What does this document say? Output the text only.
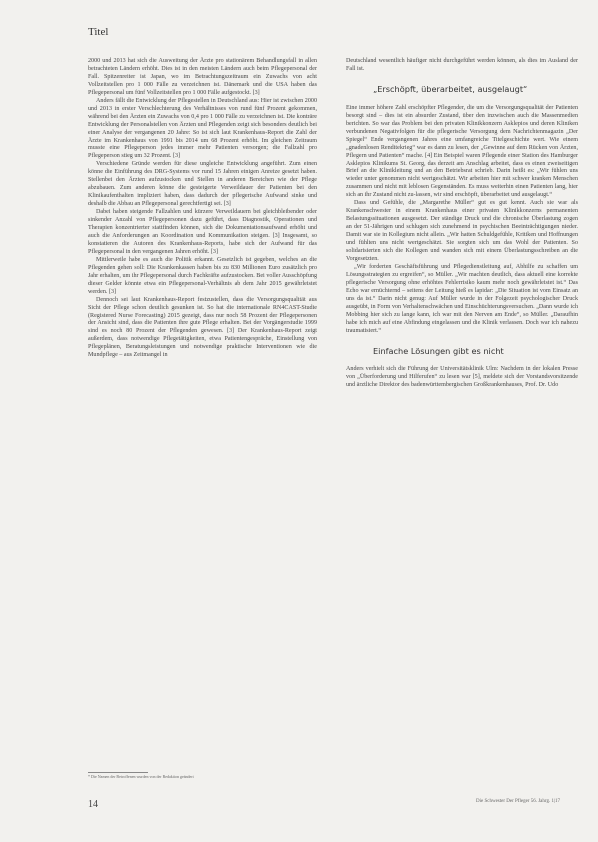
Titel

2000 und 2013 hat sich die Ausweitung der Ärzte pro stationärem Behandlungsfall in allen betrachteten Ländern erhöht. Dies ist in den meisten Ländern auch beim Pflegepersonal der Fall. Spitzenreiter ist Japan, wo im Betrachtungszeitraum ein Zuwachs von acht Vollzeitstellen pro 1 000 Fälle zu verzeichnen ist. Dänemark und die USA haben das Pflegepersonal um fünf Vollzeitstellen pro 1 000 Fälle aufgestockt. [3]

Anders fällt die Entwicklung der Pflegestellen in Deutschland aus: Hier ist zwischen 2000 und 2013 in erster Verschlechterung des Verhältnisses von rund fünf Prozent gekommen, während bei den Ärzten ein Zuwachs von 0,4 pro 1 000 Fälle zu verzeichnen ist. Die konträre Entwicklung der Personalstellen von Ärzten und Pflegenden zeigt sich besonders deutlich bei einer Analyse der vergangenen 20 Jahre: So ist sich laut Krankenhaus-Report die Zahl der Ärzte im Krankenhaus von 1991 bis 2014 um 68 Prozent erhöht. Im gleichen Zeitraum musste eine Pflegeperson jedes immer mehr Patienten versorgen; die Fallzahl pro Pflegeperson stieg um 32 Prozent. [3]

Verschiedene Gründe werden für diese ungleiche Entwicklung angeführt. Zum einen könne die Einführung des DRG-Systems vor rund 15 Jahren einigen Anreize gesetzt haben. Stellenbei den Ärzten aufzustocken und Stellen in anderen Bereichen wie der Pflege abzubauen. Zum anderen könne die gesteigerte Verweildauer der Patienten bei den Klinikaufenthalten impliziert haben, dass dadurch der pflegerische Aufwand sinke und deshalb die Abbau an Pflegepersonal gerechtfertigt sei. [3]

Dabei haben steigende Fallzahlen und kürzere Verweildauern bei gleichbleibender oder sinkender Anzahl von Pflegepersonen dazu geführt, dass Diagnostik, Operationen und Therapien konzentrierter stattfinden können, sich die Dokumentationsaufwand erhöht und auch die Anforderungen an Koordination und Kommunikation steigen. [3] Insgesamt, so konstatieren die Autoren des Krankenhaus-Reports, habe sich der Aufwand für das Pflegepersonal in den vergangenen Jahren erhöht. [3]

Mittlerweile habe es auch die Politik erkannt. Gesetzlich ist gegeben, welches an die Pflegenden gehen soll: Die Krankenkassen haben bis zu 830 Millionen Euro zusätzlich pro Jahr erhalten, um ihr Pflegepersonal durch Fachkräfte aufzustocken. Bei voller Ausschöpfung dieser Gelder könnte etwa ein Pflegepersonal-Verhältnis ab dem Jahr 2015 gewährleistet werden. [3]

Dennoch sei laut Krankenhaus-Report festzustellen, dass die Versorgungsqualität aus Sicht der Pflege schon deutlich gesunken ist. So hat die internationale RN4CAST-Studie (Registered Nurse Forecasting) 2015 gezeigt, dass nur noch 58 Prozent der Pflegepersonen der Ansicht sind, dass die Patienten ihre gute Pflege erhalten. Bei der Vorgängerstudie 1999 sind es noch 80 Prozent der Pflegenden gewesen. [3] Der Krankenhaus-Report zeigt außerdem, dass notwendige Pflegetätigkeiten, etwa Patientengespräche, Einstellung von Pflegeplänen, Beratungsleistungen und notwendige praktische Interventionen wie die Mundpflege – aus Zeitmangel in

Deutschland wesentlich häufiger nicht durchgeführt werden können, als dies im Ausland der Fall ist.

„Erschöpft, überarbeitet, ausgelaugt“

Eine immer höhere Zahl erschöpfter Pflegender, die um die Versorgungsqualität der Patienten besorgt sind – dies ist ein absurder Zustand, über den inzwischen auch die Massenmedien berichten. So war das Problem bei den privaten Klinikkonzern Asklepios und deren Kliniken verbundenen Negativfolgen für die pflegerische Versorgung dem Nachrichtenmagazin „Der Spiegel“ Ende vergangenen Jahres eine umfangreiche Titelgeschichte wert. Wie einem „gnadenlosen Renditekrieg“ war es dann zu lesen, der „Gewinne auf dem Rücken von Ärzten, Pflegern und Patienten“ mache. [4] Ein Beispiel waren Pflegende einer Station des Hamburger Asklepios Klinikums St. Georg, das derzeit am Anschlag arbeitet, dass es einen zweiseitigen Brief an die Klinikleitung und an den Betriebsrat schrieb. Darin heißt es: „Wir fühlen uns wieder unter genommen nicht wertgeschätzt. Wir arbeiten hier mit schwer kranken Menschen zusammen und nicht mit leblosen Gegenständen. Es muss weiterhin einen Patienten lang, hier sich an ihr Zustand nicht zu-lassen, wir sind erschöpft, überarbeitet und ausgelaugt.“

Dass und Gefühle, die „Margarethe Müller“ gut es gut kennt. Auch sie war als Krankenschwester in einem Krankenhaus einer privaten Klinikkonzerns permanenten Belastungssituationen ausgesetzt. Der ständige Druck und die chronische Überlastung zogen an der 51-Jährigen und schlugen sich zunehmend in psychischen Beeinträchtigungen nieder. Damit war sie in Kollegium nicht allein. „Wir hatten Schuldgefühle, Kritiken und Hoffnungen und fühlten uns nicht wertgeschätzt. Sie sorgten sich um das Wohl der Patienten. So solidarisierten sich die Kollegen und wanden sich mit einem Überlastungsschreiben an die Vorgesetzten.

„Wir forderten Geschäftsführung und Pflegedienstleitung auf, Abhilfe zu schaffen um Lösungsstrategien zu ergreifen“, so Müller. „Wir machten deutlich, dass aktuell eine korrekte pflegerische Versorgung ohne erhöhtes Fehlerrisiko kaum mehr noch gewährleistet ist.“ Das Echo war ernüchternd – seitens der Leitung hieß es lapidar: „Die Situation ist vom Einsatz an uns da ist.“ Darin nicht genug: Auf Müller wurde in der Folgezeit psychologischer Druck ausgeübt, in Form von Verhaltenschwächen und Einschüchterungsversuchen. „Dann wurde ich Mobbing hier sich zu lange kann, ich war mit den Nerven am Ende“, so Müller. „Daraufhin habe ich mich auf eine Abfindung eingelassen und die Klinik verlassen. Doch war ich nahezu traumatisiert.“

Einfache Lösungen gibt es nicht

Anders verhielt sich die Führung der Universitätsklinik Ulm: Nachdem in der lokalen Presse von „Überforderung und Hilferufen“ zu lesen war [5], meldete sich der Vorstandsvorsitzende und ärztliche Direktor des badenwürttembergischen Großkrankenhauses, Prof. Dr. Udo

* Die Namen der Betroffenen wurden von der Redaktion geändert
14	Die Schwester Der Pfleger 56. Jahrg. 1|17
